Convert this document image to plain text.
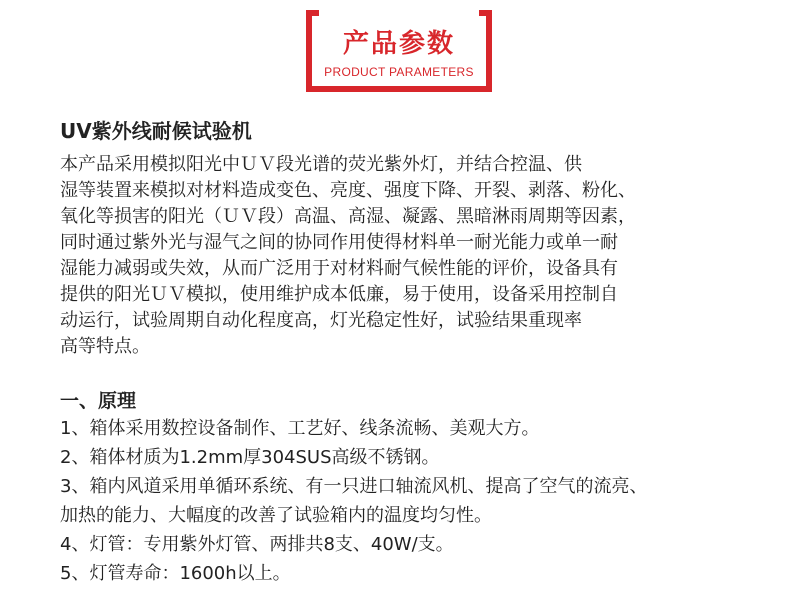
产品参数
PRODUCT PARAMETERS
UV紫外线耐候试验机
本产品采用模拟阳光中ＵＶ段光谱的荧光紫外灯，并结合控温、供
湿等装置来模拟对材料造成变色、亮度、强度下降、开裂、剥落、粉化、
氧化等损害的阳光（ＵＶ段）高温、高湿、凝露、黑暗淋雨周期等因素，
同时通过紫外光与湿气之间的协同作用使得材料单一耐光能力或单一耐
湿能力减弱或失效，从而广泛用于对材料耐气候性能的评价，设备具有
提供的阳光ＵＶ模拟，使用维护成本低廉，易于使用，设备采用控制自
动运行，试验周期自动化程度高，灯光稳定性好，试验结果重现率
高等特点。
一、原理
1、箱体采用数控设备制作、工艺好、线条流畅、美观大方。
2、箱体材质为1.2mm厚304SUS高级不锈钢。
3、箱内风道采用单循环系统、有一只进口轴流风机、提高了空气的流亮、
加热的能力、大幅度的改善了试验箱内的温度均匀性。
4、灯管：专用紫外灯管、两排共8支、40W/支。
5、灯管寿命：1600h以上。
